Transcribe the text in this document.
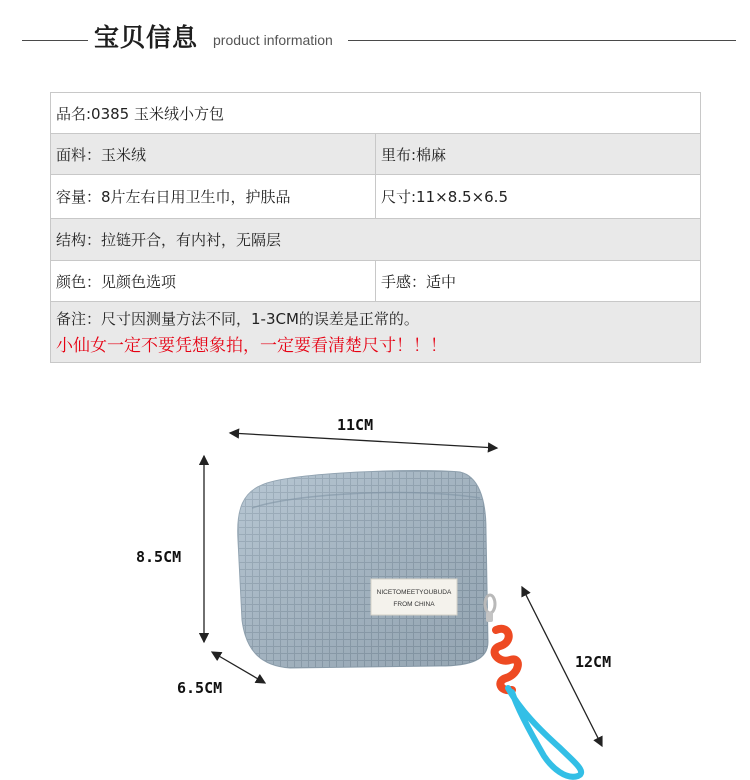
宝贝信息 product information
品名:0385 玉米绒小方包	
面料：玉米绒	里布:棉麻
容量：8片左右日用卫生巾，护肤品	尺寸:11×8.5×6.5
结构：拉链开合，有内衬，无隔层	
颜色：见颜色选项	手感：适中

备注：尺寸因测量方法不同，1-3CM的误差是正常的。
小仙女一定不要凭想象拍，一定要看清楚尺寸！！！	
NICETOMEETYOUBUDA
FROM CHINA
11CM
8.5CM
6.5CM
12CM
